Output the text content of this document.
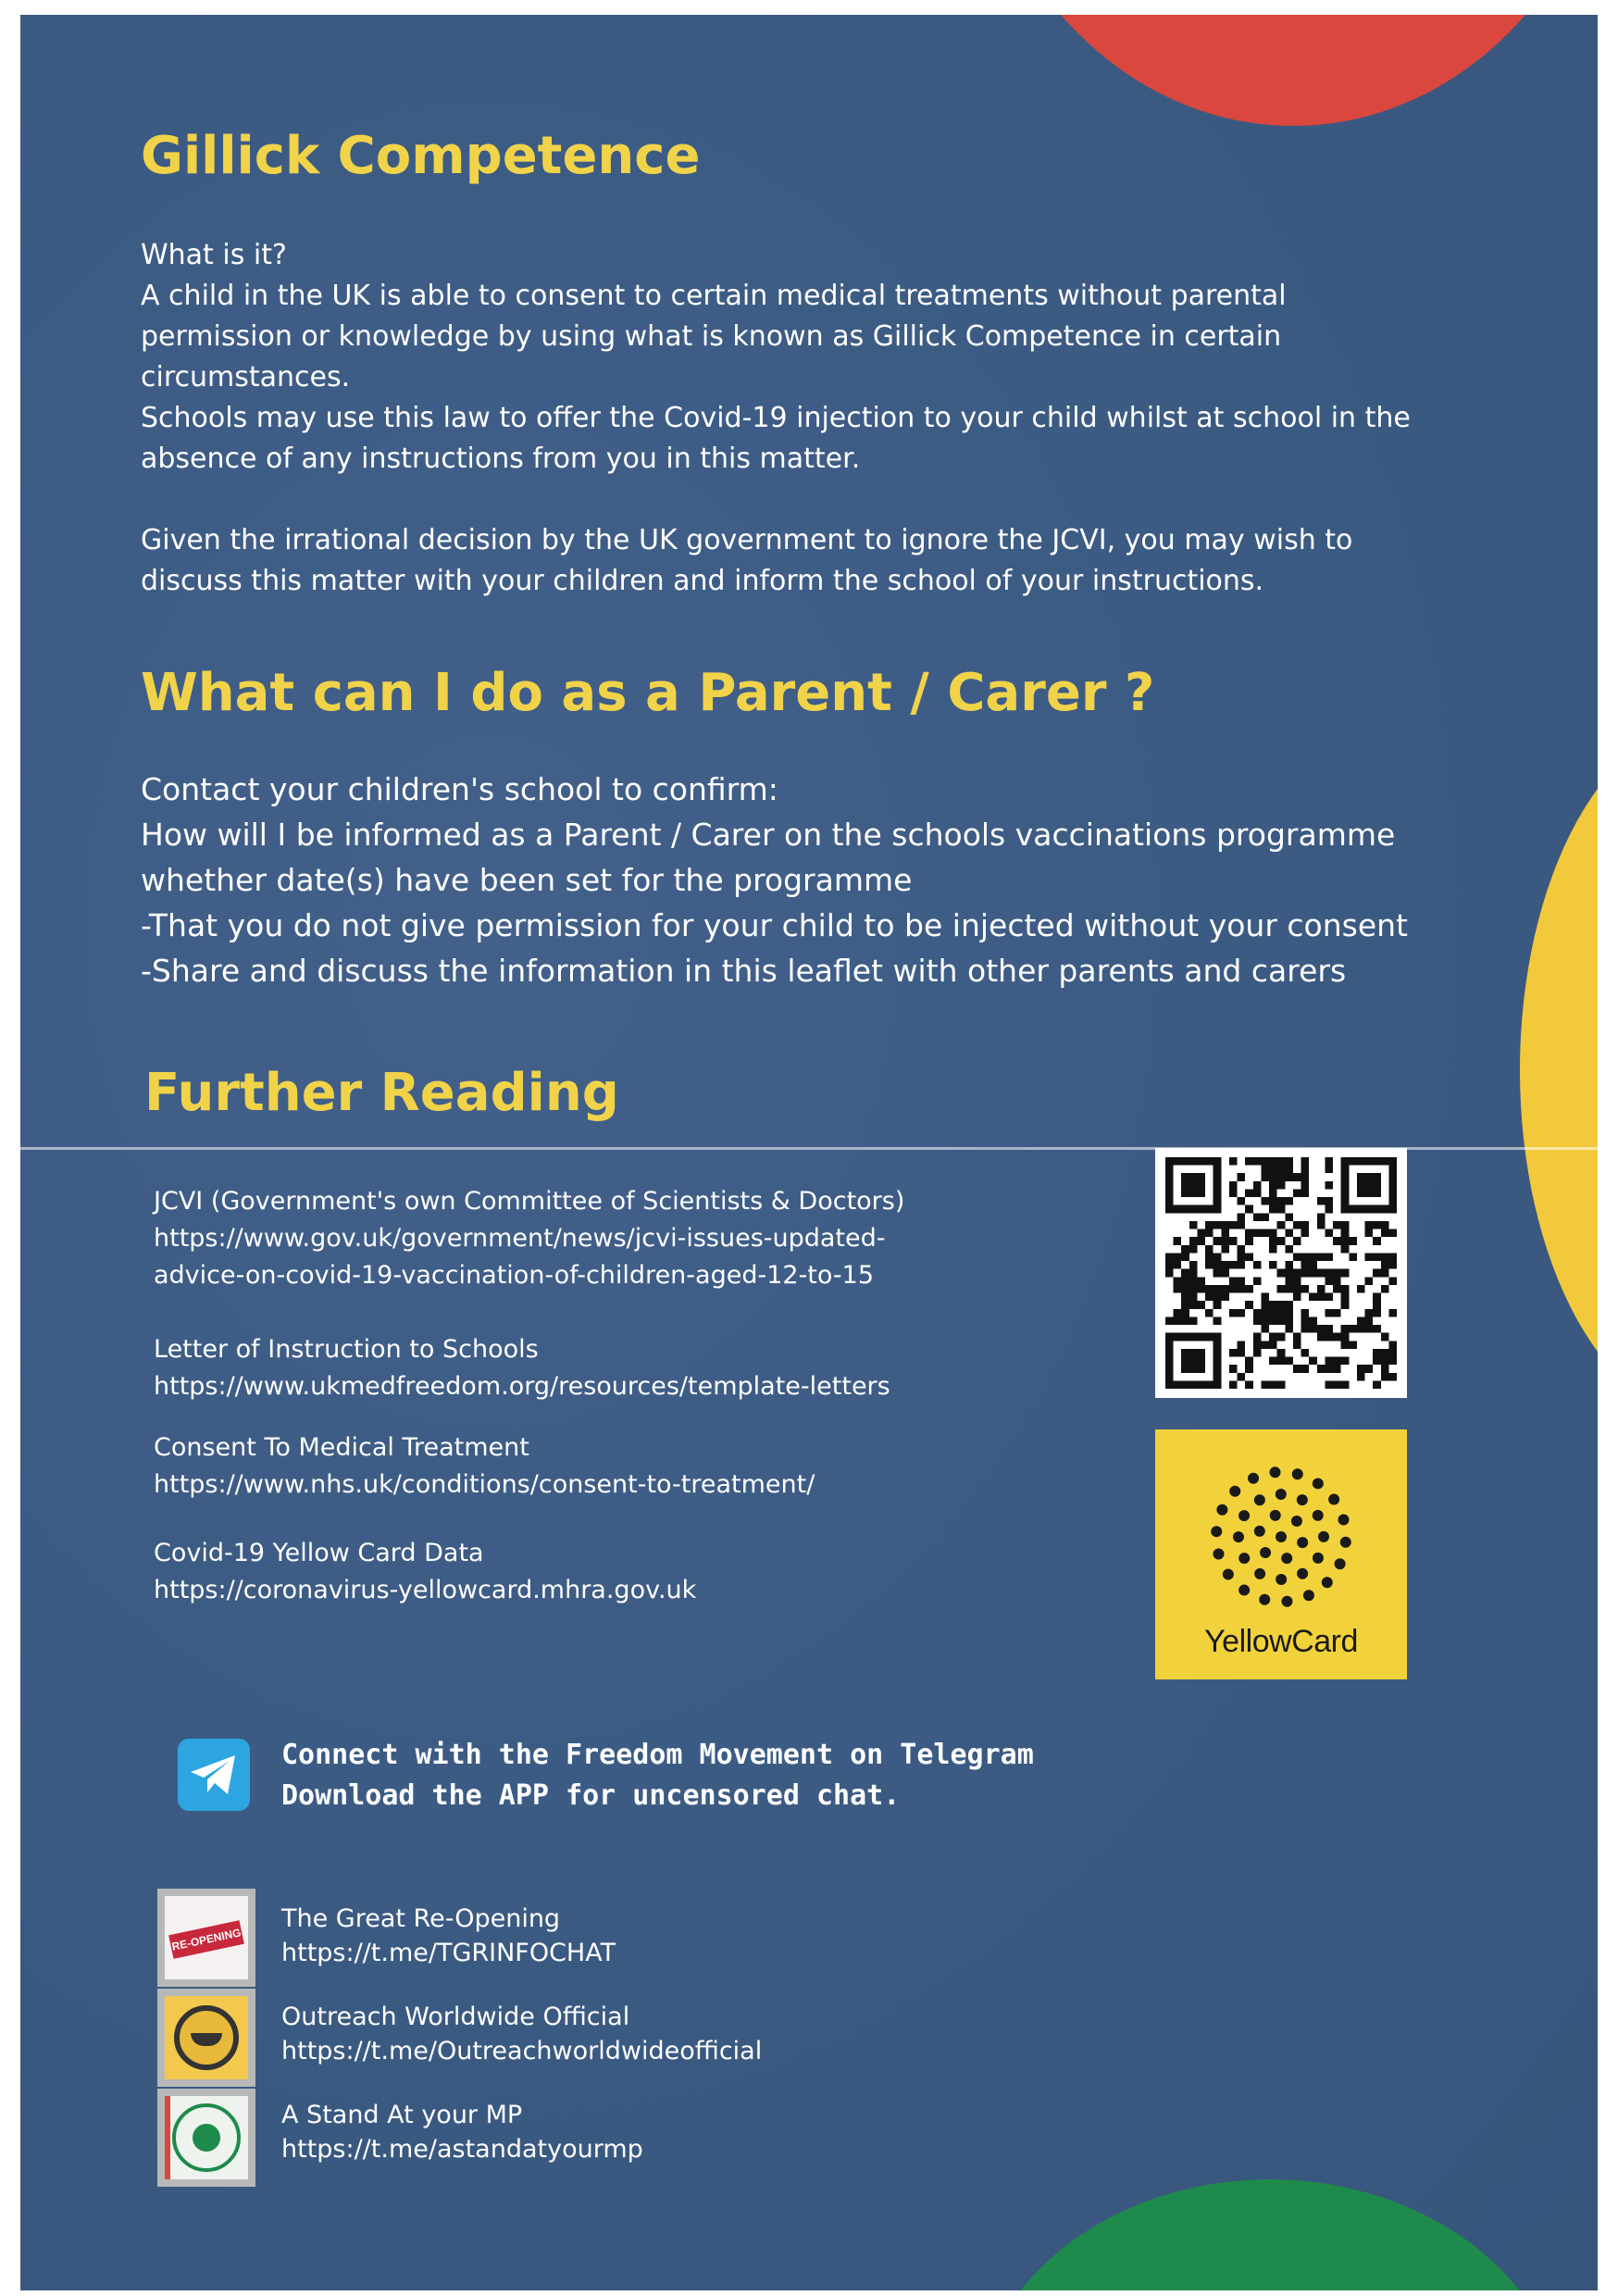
Gillick Competence

What is it?

A child in the UK is able to consent to certain medical treatments without parental

permission or knowledge by using what is known as Gillick Competence in certain

circumstances.

Schools may use this law to offer the Covid-19 injection to your child whilst at school in the

absence of any instructions from you in this matter.

Given the irrational decision by the UK government to ignore the JCVI, you may wish to

discuss this matter with your children and inform the school of your instructions.

What can I do as a Parent / Carer ?

Contact your children's school to confirm:

How will I be informed as a Parent / Carer on the schools vaccinations programme

whether date(s) have been set for the programme

-That you do not give permission for your child to be injected without your consent

-Share and discuss the information in this leaflet with other parents and carers

Further Reading
JCVI (Government's own Committee of Scientists & Doctors)
https://www.gov.uk/government/news/jcvi-issues-updated-
advice-on-covid-19-vaccination-of-children-aged-12-to-15
Letter of Instruction to Schools
https://www.ukmedfreedom.org/resources/template-letters
Consent To Medical Treatment
https://www.nhs.uk/conditions/consent-to-treatment/
Covid-19 Yellow Card Data
https://coronavirus-yellowcard.mhra.gov.uk
YellowCard
Connect with the Freedom Movement on Telegram
Download the APP for uncensored chat.
RE-OPENING
The Great Re-Opening
https://t.me/TGRINFOCHAT
Outreach Worldwide Official
https://t.me/Outreachworldwideofficial
A Stand At your MP
https://t.me/astandatyourmp
